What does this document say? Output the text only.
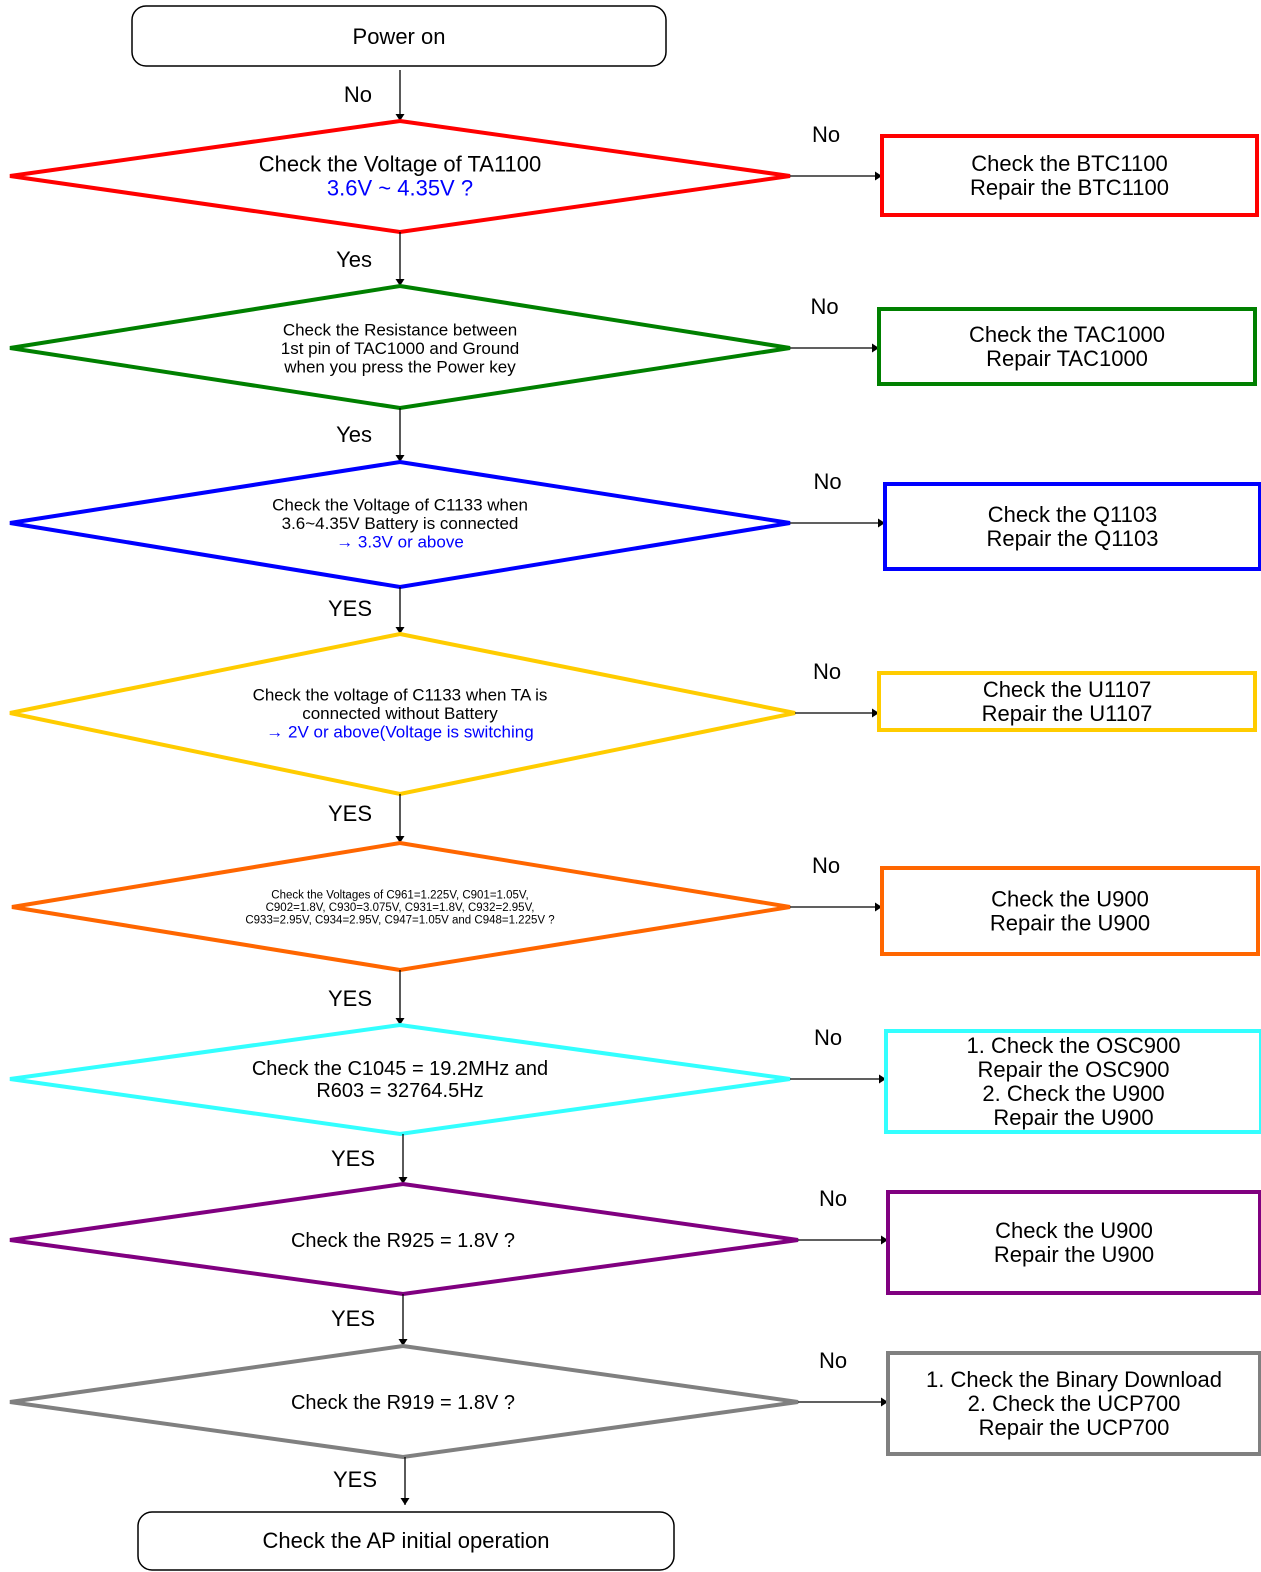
Power on
Check the AP initial operation
No
Check the Voltage of TA1100
3.6V ~ 4.35V ?
No
Check the BTC1100
Repair the BTC1100
Yes
Check the Resistance between
1st pin of TAC1000 and Ground
when you press the Power key
No
Check the TAC1000
Repair TAC1000
Yes
Check the Voltage of C1133 when
3.6~4.35V Battery is connected
→ 3.3V or above
No
Check the Q1103
Repair the Q1103
YES
Check the voltage of C1133 when TA is
connected without Battery
→ 2V or above(Voltage is switching
No
Check the U1107
Repair the U1107
YES
Check the Voltages of C961=1.225V, C901=1.05V,
C902=1.8V, C930=3.075V, C931=1.8V, C932=2.95V,
C933=2.95V, C934=2.95V, C947=1.05V and C948=1.225V ?
No
Check the U900
Repair the U900
YES
Check the C1045 = 19.2MHz and
R603 = 32764.5Hz
No	1. Check the OSC900
Repair the OSC900
2. Check the U900
Repair the U900
YES
Check the R925 = 1.8V ?
No
Check the U900
Repair the U900
YES
Check the R919 = 1.8V ?
No
1. Check the Binary Download
2. Check the UCP700
Repair the UCP700
YES
